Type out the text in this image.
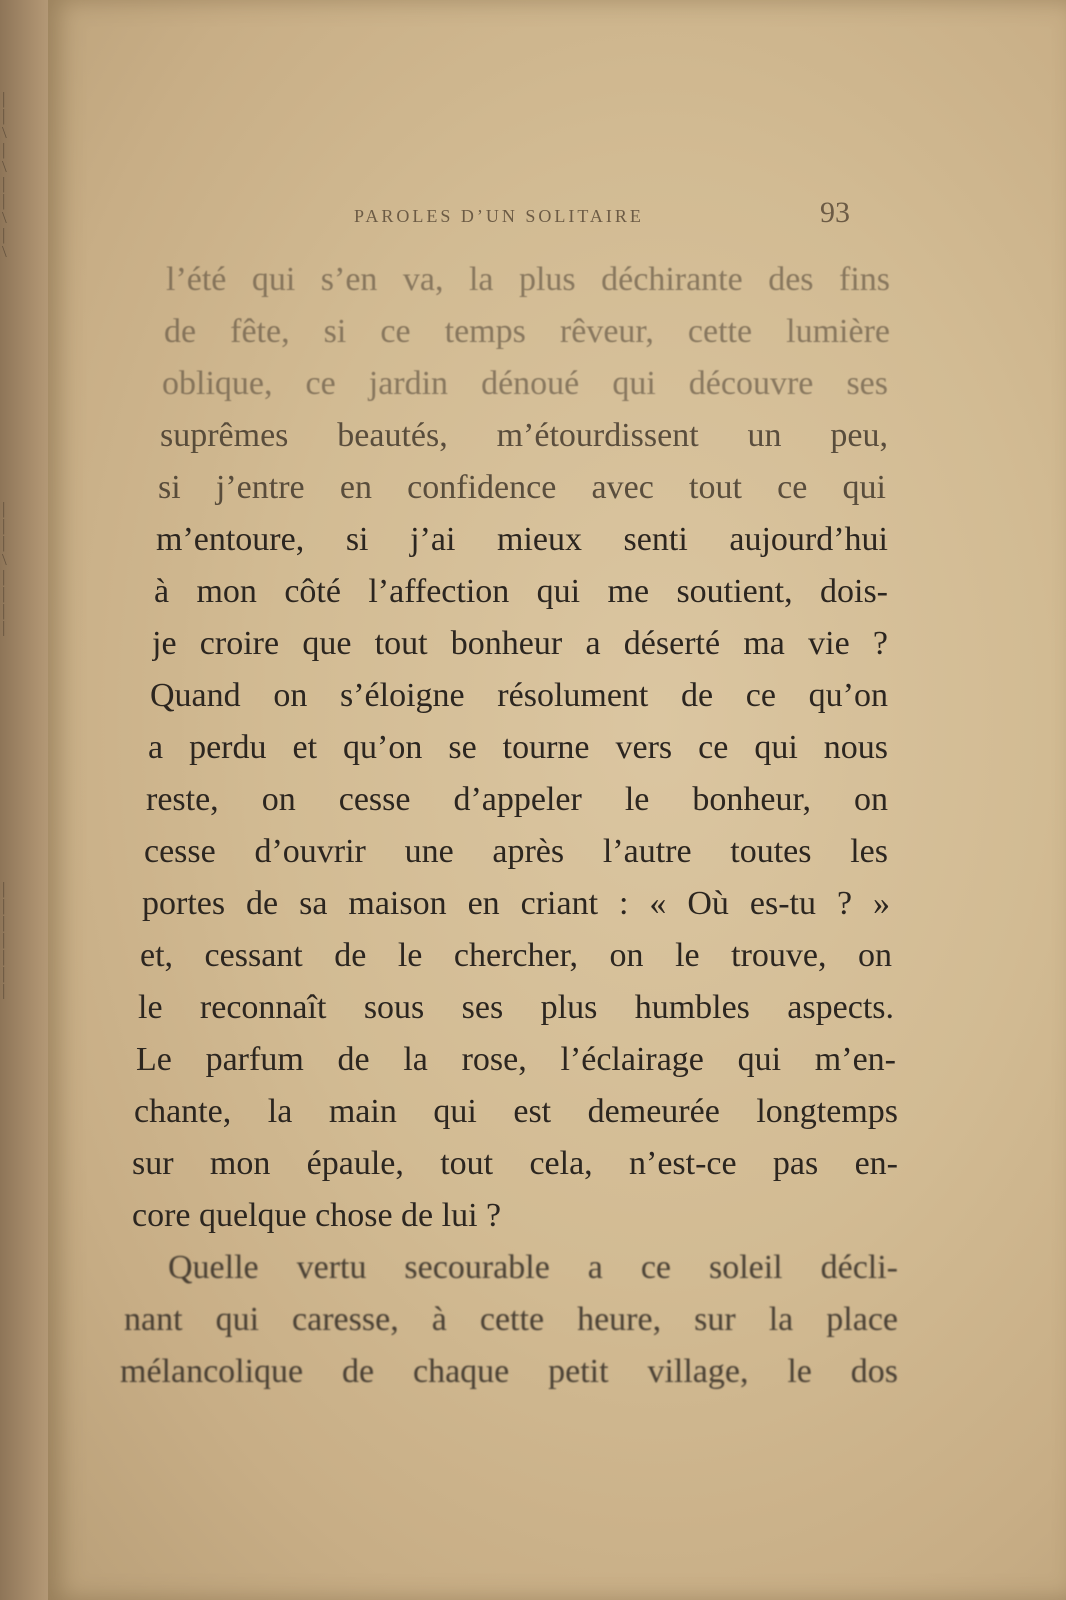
|
|
\
|
\
|
|
\
|
\
|
|
|
\
|
|
|
|
|
|
|
|
|
|
|
PAROLES D’UN SOLITAIRE	93
l’été qui s’en va, la plus déchirante des fins
de fête, si ce temps rêveur, cette lumière
oblique, ce jardin dénoué qui découvre ses
suprêmes beautés, m’étourdissent un peu,
si j’entre en confidence avec tout ce qui
m’entoure, si j’ai mieux senti aujourd’hui
à mon côté l’affection qui me soutient, dois-
je croire que tout bonheur a déserté ma vie ?
Quand on s’éloigne résolument de ce qu’on
a perdu et qu’on se tourne vers ce qui nous
reste, on cesse d’appeler le bonheur, on
cesse d’ouvrir une après l’autre toutes les
portes de sa maison en criant : « Où es-tu ? »
et, cessant de le chercher, on le trouve, on
le reconnaît sous ses plus humbles aspects.
Le parfum de la rose, l’éclairage qui m’en-
chante, la main qui est demeurée longtemps
sur mon épaule, tout cela, n’est-ce pas en-
core quelque chose de lui ?
Quelle vertu secourable a ce soleil décli-
nant qui caresse, à cette heure, sur la place
mélancolique de chaque petit village, le dos
